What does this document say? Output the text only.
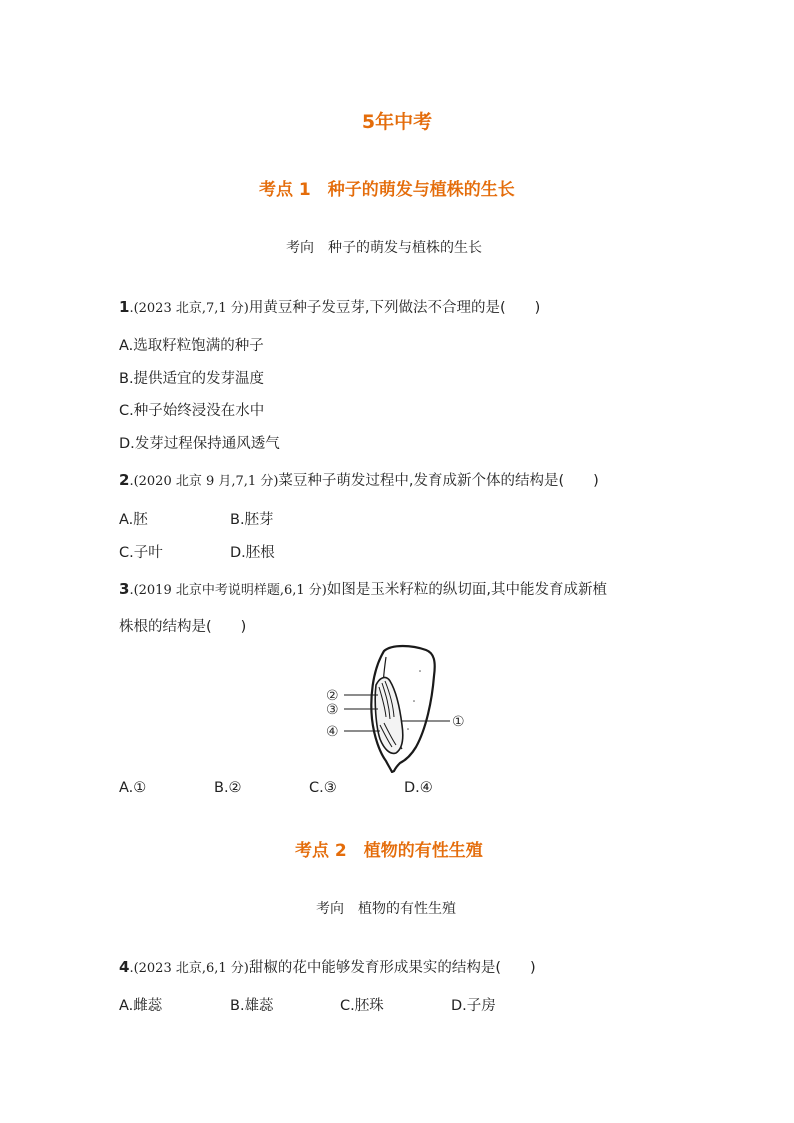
5年中考
考点 1　种子的萌发与植株的生长
考向　种子的萌发与植株的生长
1.(2023 北京,7,1 分)用黄豆种子发豆芽,下列做法不合理的是(　　)
A.选取籽粒饱满的种子
B.提供适宜的发芽温度
C.种子始终浸没在水中
D.发芽过程保持通风透气
2.(2020 北京 9 月,7,1 分)菜豆种子萌发过程中,发育成新个体的结构是(　　)
A.胚	B.胚芽
C.子叶	D.胚根
3.(2019 北京中考说明样题,6,1 分)如图是玉米籽粒的纵切面,其中能发育成新植
株根的结构是(　　)
②
③
④
①
A.①	B.②	C.③	D.④
考点 2　植物的有性生殖
考向　植物的有性生殖
4.(2023 北京,6,1 分)甜椒的花中能够发育形成果实的结构是(　　)
A.雌蕊	B.雄蕊	C.胚珠	D.子房
